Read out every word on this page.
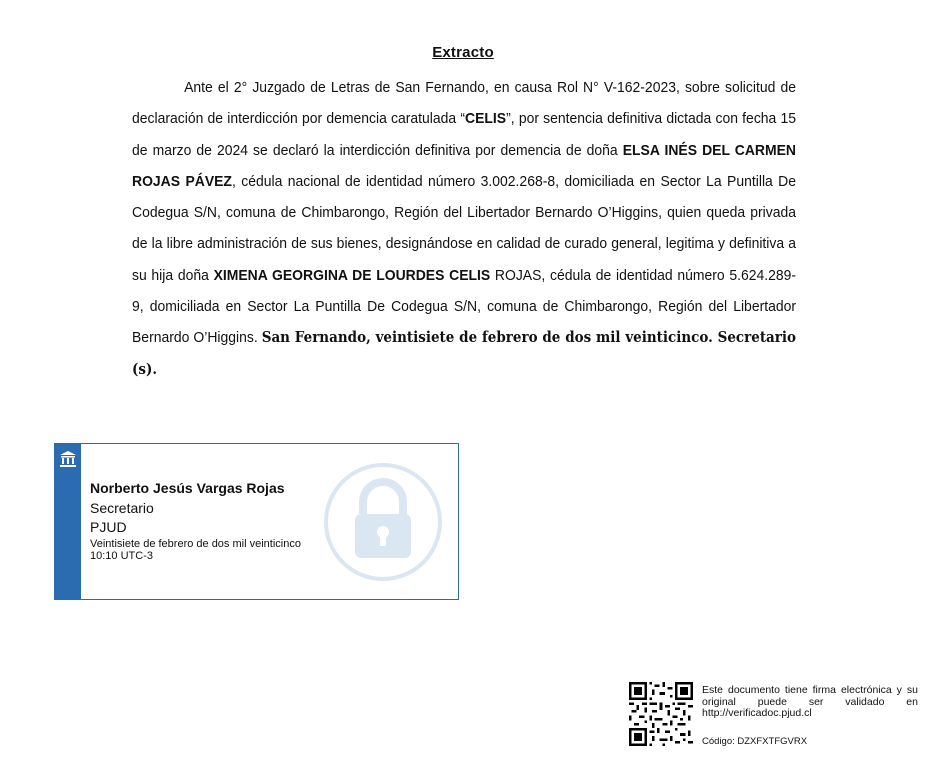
Extracto
Ante el 2° Juzgado de Letras de San Fernando, en causa Rol N° V-162-2023, sobre solicitud de declaración de interdicción por demencia caratulada “CELIS”, por sentencia definitiva dictada con fecha 15 de marzo de 2024 se declaró la interdicción definitiva por demencia de doña ELSA INÉS DEL CARMEN ROJAS PÁVEZ, cédula nacional de identidad número 3.002.268-8, domiciliada en Sector La Puntilla De Codegua S/N, comuna de Chimbarongo, Región del Libertador Bernardo O’Higgins, quien queda privada de la libre administración de sus bienes, designándose en calidad de curado general, legitima y definitiva a su hija doña XIMENA GEORGINA DE LOURDES CELIS ROJAS, cédula de identidad número 5.624.289-9, domiciliada en Sector La Puntilla De Codegua S/N, comuna de Chimbarongo, Región del Libertador Bernardo O’Higgins. San Fernando, veintisiete de febrero de dos mil veinticinco. Secretario (s).
Norberto Jesús Vargas Rojas
Secretario
PJUD
Veintisiete de febrero de dos mil veinticinco
10:10 UTC-3
Este documento tiene firma electrónica y su original puede ser validado en http://verificadoc.pjud.cl
Código: DZXFXTFGVRX
